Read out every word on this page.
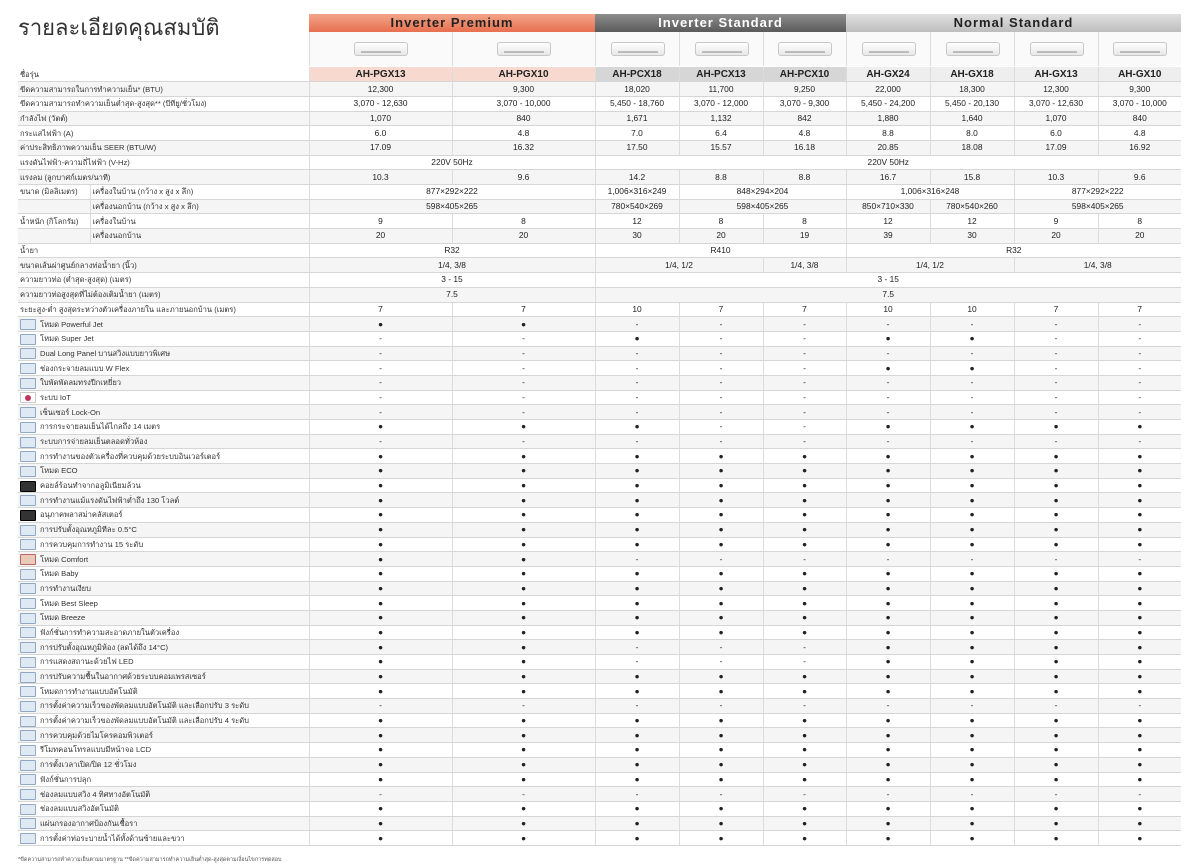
รายละเอียดคุณสมบัติ	Inverter Premium	Inverter Standard	Normal Standard
ชื่อรุ่น		AH-PGX13	AH-PGX10	AH-PCX18	AH-PCX13	AH-PCX10	AH-GX24	AH-GX18	AH-GX13	AH-GX10
ขีดความสามารถในการทำความเย็น* (BTU)		12,300	9,300	18,020	11,700	9,250	22,000	18,300	12,300	9,300
ขีดความสามารถทำความเย็นต่ำสุด-สูงสุด** (บีทียู/ชั่วโมง)		3,070 - 12,630	3,070 - 10,000	5,450 - 18,760	3,070 - 12,000	3,070 - 9,300	5,450 - 24,200	5,450 - 20,130	3,070 - 12,630	3,070 - 10,000
กำลังไฟ (วัตต์)		1,070	840	1,671	1,132	842	1,880	1,640	1,070	840
กระแสไฟฟ้า (A)		6.0	4.8	7.0	6.4	4.8	8.8	8.0	6.0	4.8
ค่าประสิทธิภาพความเย็น SEER (BTU/W)		17.09	16.32	17.50	15.57	16.18	20.85	18.08	17.09	16.92
แรงดันไฟฟ้า-ความถี่ไฟฟ้า (V-Hz)		220V 50Hz		220V 50Hz						
แรงลม (ลูกบาศก์เมตร/นาที)		10.3	9.6	14.2	8.8	8.8	16.7	15.8	10.3	9.6
ขนาด (มิลลิเมตร)	เครื่องในบ้าน (กว้าง x สูง x ลึก)	877×292×222		1,006×316×249	848×294×204		1,006×316×248		877×292×222	
	เครื่องนอกบ้าน (กว้าง x สูง x ลึก)	598×405×265		780×540×269	598×405×265		850×710×330	780×540×260	598×405×265	
น้ำหนัก (กิโลกรัม)	เครื่องในบ้าน	9	8	12	8	8	12	12	9	8
	เครื่องนอกบ้าน	20	20	30	20	19	39	30	20	20
น้ำยา		R32		R410			R32			
ขนาดเส้นผ่าศูนย์กลางท่อน้ำยา (นิ้ว)		1/4, 3/8		1/4, 1/2		1/4, 3/8	1/4, 1/2		1/4, 3/8	
ความยาวท่อ (ต่ำสุด-สูงสุด) (เมตร)		3 - 15		3 - 15						
ความยาวท่อสูงสุดที่ไม่ต้องเติมน้ำยา (เมตร)		7.5		7.5						
ระยะสูง-ต่ำ สูงสุดระหว่างตัวเครื่องภายใน และภายนอกบ้าน (เมตร)		7	7	10	7	7	10	10	7	7
โหมด Powerful Jet		●	●	-	-	-	-	-	-	-
โหมด Super Jet		-	-	●	-	-	●	●	-	-
Dual Long Panel บานสวิงแบบยาวพิเศษ		-	-	-	-	-	-	-	-	-
ช่องกระจายลมแบบ W Flex		-	-	-	-	-	●	●	-	-
ใบพัดพัดลมทรงปีกเหยี่ยว		-	-	-	-	-	-	-	-	-
ระบบ IoT		-	-	-	-	-	-	-	-	-
เซ็นเซอร์ Lock-On		-	-	-	-	-	-	-	-	-
การกระจายลมเย็นได้ไกลถึง 14 เมตร		●	●	●	-	-	●	●	●	●
ระบบการจ่ายลมเย็นตลอดทั่วห้อง		-	-	-	-	-	-	-	-	-
การทำงานของตัวเครื่องที่ควบคุมด้วยระบบอินเวอร์เตอร์		●	●	●	●	●	●	●	●	●
โหมด ECO		●	●	●	●	●	●	●	●	●
คอยล์ร้อนทำจากอลูมิเนียมล้วน		●	●	●	●	●	●	●	●	●
การทำงานแม้แรงดันไฟฟ้าต่ำถึง 130 โวลต์		●	●	●	●	●	●	●	●	●
อนุภาคพลาสม่าคลัสเตอร์		●	●	●	●	●	●	●	●	●
การปรับตั้งอุณหภูมิทีละ 0.5°C		●	●	●	●	●	●	●	●	●
การควบคุมการทำงาน 15 ระดับ		●	●	●	●	●	●	●	●	●
โหมด Comfort		●	●	-	-	-	-	-	-	-
โหมด Baby		●	●	●	●	●	●	●	●	●
การทำงานเงียบ		●	●	●	●	●	●	●	●	●
โหมด Best Sleep		●	●	●	●	●	●	●	●	●
โหมด Breeze		●	●	●	●	●	●	●	●	●
ฟังก์ชั่นการทำความสะอาดภายในตัวเครื่อง		●	●	●	●	●	●	●	●	●
การปรับตั้งอุณหภูมิห้อง (ลดได้ถึง 14°C)		●	●	-	-	-	●	●	●	●
การแสดงสถานะด้วยไฟ LED		●	●	-	-	-	●	●	●	●
การปรับความชื้นในอากาศด้วยระบบคอมเพรสเซอร์		●	●	●	●	●	●	●	●	●
โหมดการทำงานแบบอัตโนมัติ		●	●	●	●	●	●	●	●	●
การตั้งค่าความเร็วของพัดลมแบบอัตโนมัติ และเลือกปรับ 3 ระดับ		-	-	-	-	-	-	-	-	-
การตั้งค่าความเร็วของพัดลมแบบอัตโนมัติ และเลือกปรับ 4 ระดับ		●	●	●	●	●	●	●	●	●
การควบคุมด้วยไมโครคอมพิวเตอร์		●	●	●	●	●	●	●	●	●
รีโมทคอนโทรลแบบมีหน้าจอ LCD		●	●	●	●	●	●	●	●	●
การตั้งเวลาเปิด/ปิด 12 ชั่วโมง		●	●	●	●	●	●	●	●	●
ฟังก์ชั่นการปลุก		●	●	●	●	●	●	●	●	●
ช่องลมแบบสวิง 4 ทิศทางอัตโนมัติ		-	-	-	-	-	-	-	-	-
ช่องลมแบบสวิงอัตโนมัติ		●	●	●	●	●	●	●	●	●
แผ่นกรองอากาศป้องกันเชื้อรา		●	●	●	●	●	●	●	●	●
การตั้งค่าท่อระบายน้ำได้ทั้งด้านซ้ายและขวา		●	●	●	●	●	●	●	●	●
*ขีดความสามารถทำความเย็นตามมาตรฐาน **ขีดความสามารถทำความเย็นต่ำสุด-สูงสุดตามเงื่อนไขการทดสอบ
